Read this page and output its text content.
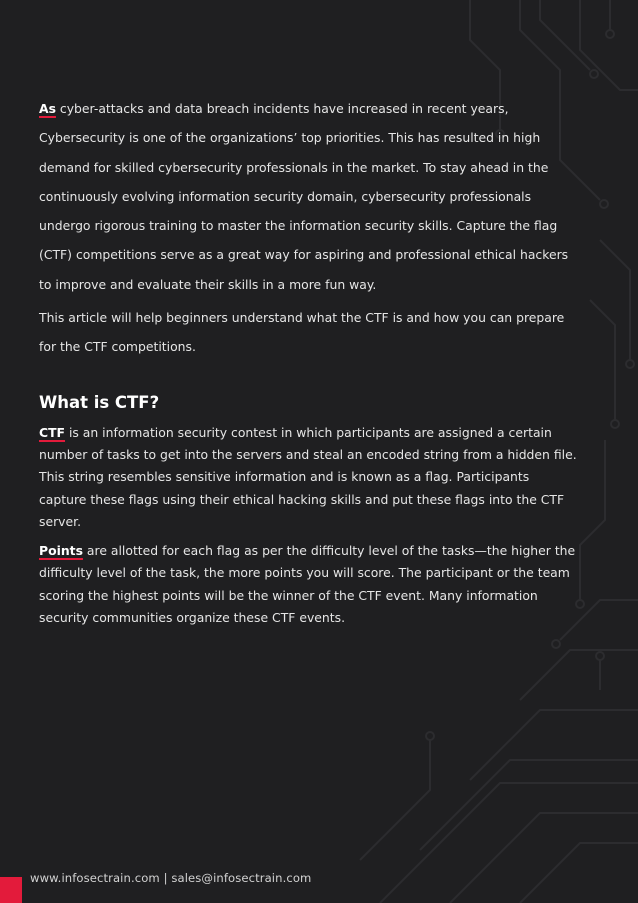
As cyber-attacks and data breach incidents have increased in recent years, Cybersecurity is one of the organizations’ top priorities. This has resulted in high demand for skilled cybersecurity professionals in the market. To stay ahead in the continuously evolving information security domain, cybersecurity professionals undergo rigorous training to master the information security skills. Capture the flag (CTF) competitions serve as a great way for aspiring and professional ethical hackers to improve and evaluate their skills in a more fun way.

This article will help beginners understand what the CTF is and how you can prepare for the CTF competitions.

What is CTF?

CTF is an information security contest in which participants are assigned a certain number of tasks to get into the servers and steal an encoded string from a hidden file. This string resembles sensitive information and is known as a flag. Participants capture these flags using their ethical hacking skills and put these flags into the CTF server.

Points are allotted for each flag as per the difficulty level of the tasks—the higher the difficulty level of the task, the more points you will score. The participant or the team scoring the highest points will be the winner of the CTF event. Many information security communities organize these CTF events.

www.infosectrain.com | sales@infosectrain.com
